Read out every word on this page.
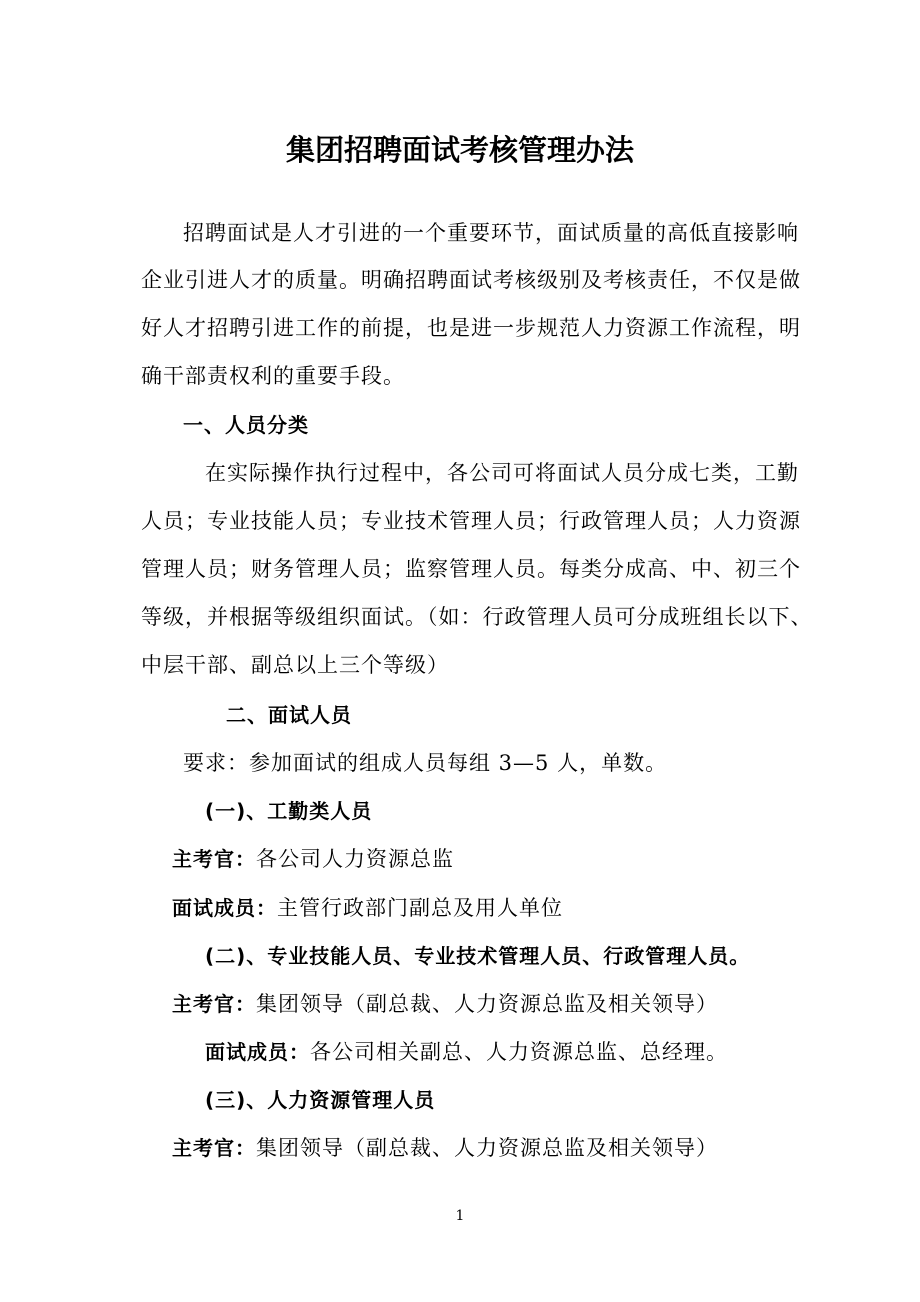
集团招聘面试考核管理办法
招聘面试是人才引进的一个重要环节，面试质量的高低直接影响
企业引进人才的质量。明确招聘面试考核级别及考核责任，不仅是做
好人才招聘引进工作的前提，也是进一步规范人力资源工作流程，明
确干部责权利的重要手段。
一、人员分类
在实际操作执行过程中，各公司可将面试人员分成七类，工勤
人员；专业技能人员；专业技术管理人员；行政管理人员；人力资源
管理人员；财务管理人员；监察管理人员。每类分成高、中、初三个
等级，并根据等级组织面试。（如：行政管理人员可分成班组长以下、
中层干部、副总以上三个等级）
二、面试人员
要求：参加面试的组成人员每组 3—5 人，单数。
(一)、工勤类人员
主考官：各公司人力资源总监
面试成员：主管行政部门副总及用人单位
(二)、专业技能人员、专业技术管理人员、行政管理人员。
主考官：集团领导（副总裁、人力资源总监及相关领导）
面试成员：各公司相关副总、人力资源总监、总经理。
(三)、人力资源管理人员
主考官：集团领导（副总裁、人力资源总监及相关领导）
1
